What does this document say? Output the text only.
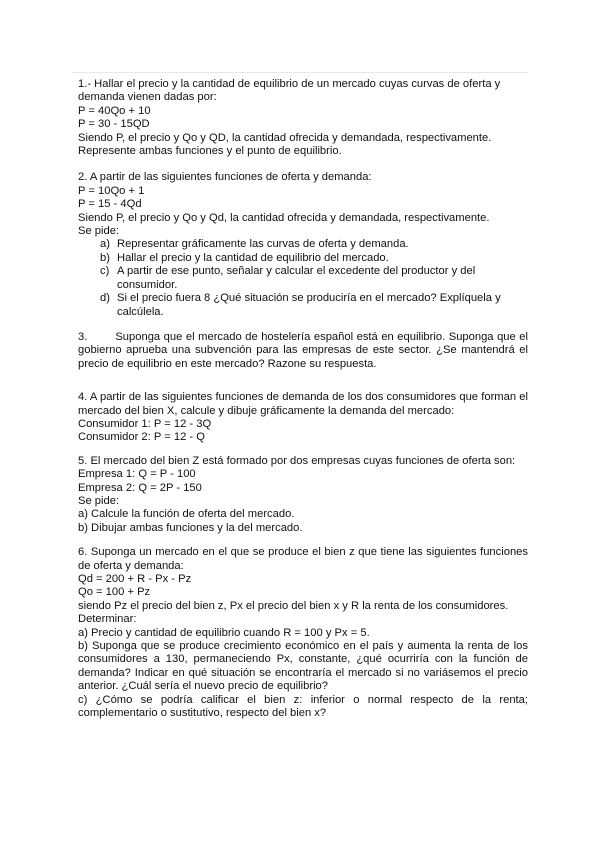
1.- Hallar el precio y la cantidad de equilibrio de un mercado cuyas curvas de oferta y
demanda vienen dadas por:
P = 40Qo + 10
P = 30 - 15QD
Siendo P, el precio y Qo y QD, la cantidad ofrecida y demandada, respectivamente.
Represente ambas funciones y el punto de equilibrio.
2. A partir de las siguientes funciones de oferta y demanda:
P = 10Qo + 1
P = 15 - 4Qd
Siendo P, el precio y Qo y Qd, la cantidad ofrecida y demandada, respectivamente.
Se pide:
a) Representar gráficamente las curvas de oferta y demanda.
b) Hallar el precio y la cantidad de equilibrio del mercado.
c) A partir de ese punto, señalar y calcular el excedente del productor y del consumidor.
d) Si el precio fuera 8 ¿Qué situación se produciría en el mercado? Explíquela y calcúlela.
3.	Suponga que el mercado de hostelería español está en equilibrio. Suponga que el gobierno aprueba una subvención para las empresas de este sector. ¿Se mantendrá el precio de equilibrio en este mercado? Razone su respuesta.
4. A partir de las siguientes funciones de demanda de los dos consumidores que forman el mercado del bien X, calcule y dibuje gráficamente la demanda del mercado:
Consumidor 1: P = 12 - 3Q
Consumidor 2: P = 12 - Q
5. El mercado del bien Z está formado por dos empresas cuyas funciones de oferta son:
Empresa 1: Q = P - 100
Empresa 2: Q = 2P - 150
Se pide:
a) Calcule la función de oferta del mercado.
b) Dibujar ambas funciones y la del mercado.
6. Suponga un mercado en el que se produce el bien z que tiene las siguientes funciones de oferta y demanda:
Qd = 200 + R - Px - Pz
Qo = 100 + Pz
siendo Pz el precio del bien z, Px el precio del bien x y R la renta de los consumidores.
Determinar:
a) Precio y cantidad de equilibrio cuando R = 100 y Px = 5.
b) Suponga que se produce crecimiento económico en el país y aumenta la renta de los consumidores a 130, permaneciendo Px, constante, ¿qué ocurriría con la función de demanda? Indicar en qué situación se encontraría el mercado si no variásemos el precio anterior. ¿Cuál sería el nuevo precio de equilibrio?
c) ¿Cómo se podría calificar el bien z: inferior o normal respecto de la renta; complementario o sustitutivo, respecto del bien x?
